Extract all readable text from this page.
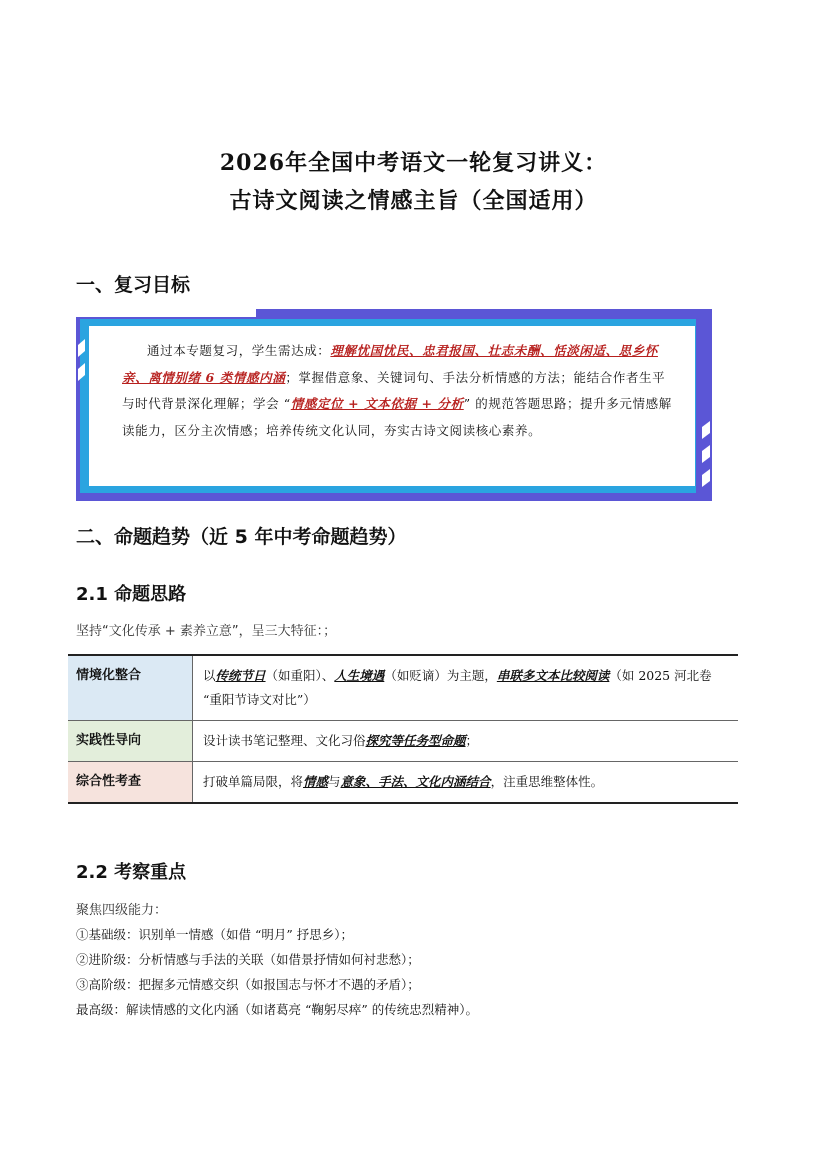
2026年全国中考语文一轮复习讲义：
古诗文阅读之情感主旨（全国适用）
一、复习目标
通过本专题复习，学生需达成：理解忧国忧民、忠君报国、壮志未酬、恬淡闲适、思乡怀亲、离情别绪 6 类情感内涵；掌握借意象、关键词句、手法分析情感的方法；能结合作者生平与时代背景深化理解；学会 “情感定位 + 文本依据 + 分析” 的规范答题思路；提升多元情感解读能力，区分主次情感；培养传统文化认同，夯实古诗文阅读核心素养。
二、命题趋势（近 5 年中考命题趋势）
2.1 命题思路
坚持“文化传承 + 素养立意”，呈三大特征：；
情境化整合	以传统节日（如重阳）、人生境遇（如贬谪）为主题，串联多文本比较阅读（如 2025 河北卷 “重阳节诗文对比”）
实践性导向	设计读书笔记整理、文化习俗探究等任务型命题；
综合性考查	打破单篇局限，将情感与意象、手法、文化内涵结合，注重思维整体性。
2.2 考察重点
聚焦四级能力：
①基础级：识别单一情感（如借 “明月” 抒思乡）；
②进阶级：分析情感与手法的关联（如借景抒情如何衬悲愁）；
③高阶级：把握多元情感交织（如报国志与怀才不遇的矛盾）；
最高级：解读情感的文化内涵（如诸葛亮 “鞠躬尽瘁” 的传统忠烈精神）。
